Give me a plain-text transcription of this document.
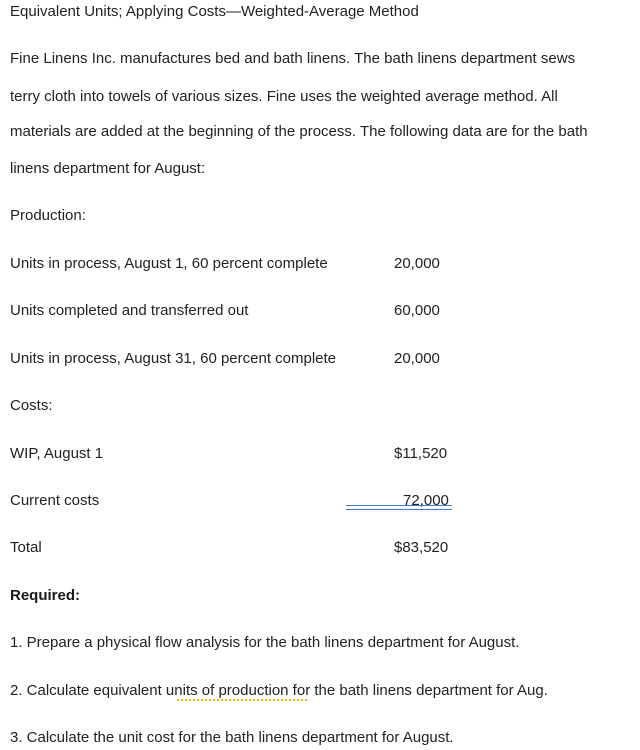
Equivalent Units; Applying Costs—Weighted-Average Method
Fine Linens Inc. manufactures bed and bath linens. The bath linens department sews
terry cloth into towels of various sizes. Fine uses the weighted average method. All
materials are added at the beginning of the process. The following data are for the bath
linens department for August:
Production:
Units in process, August 1, 60 percent complete	20,000
Units completed and transferred out	60,000
Units in process, August 31, 60 percent complete	20,000
Costs:
WIP, August 1	$11,520
Current costs	72,000
Total	$83,520
Required:
1. Prepare a physical flow analysis for the bath linens department for August.
2. Calculate equivalent units of production for the bath linens department for Aug.
3. Calculate the unit cost for the bath linens department for August.
